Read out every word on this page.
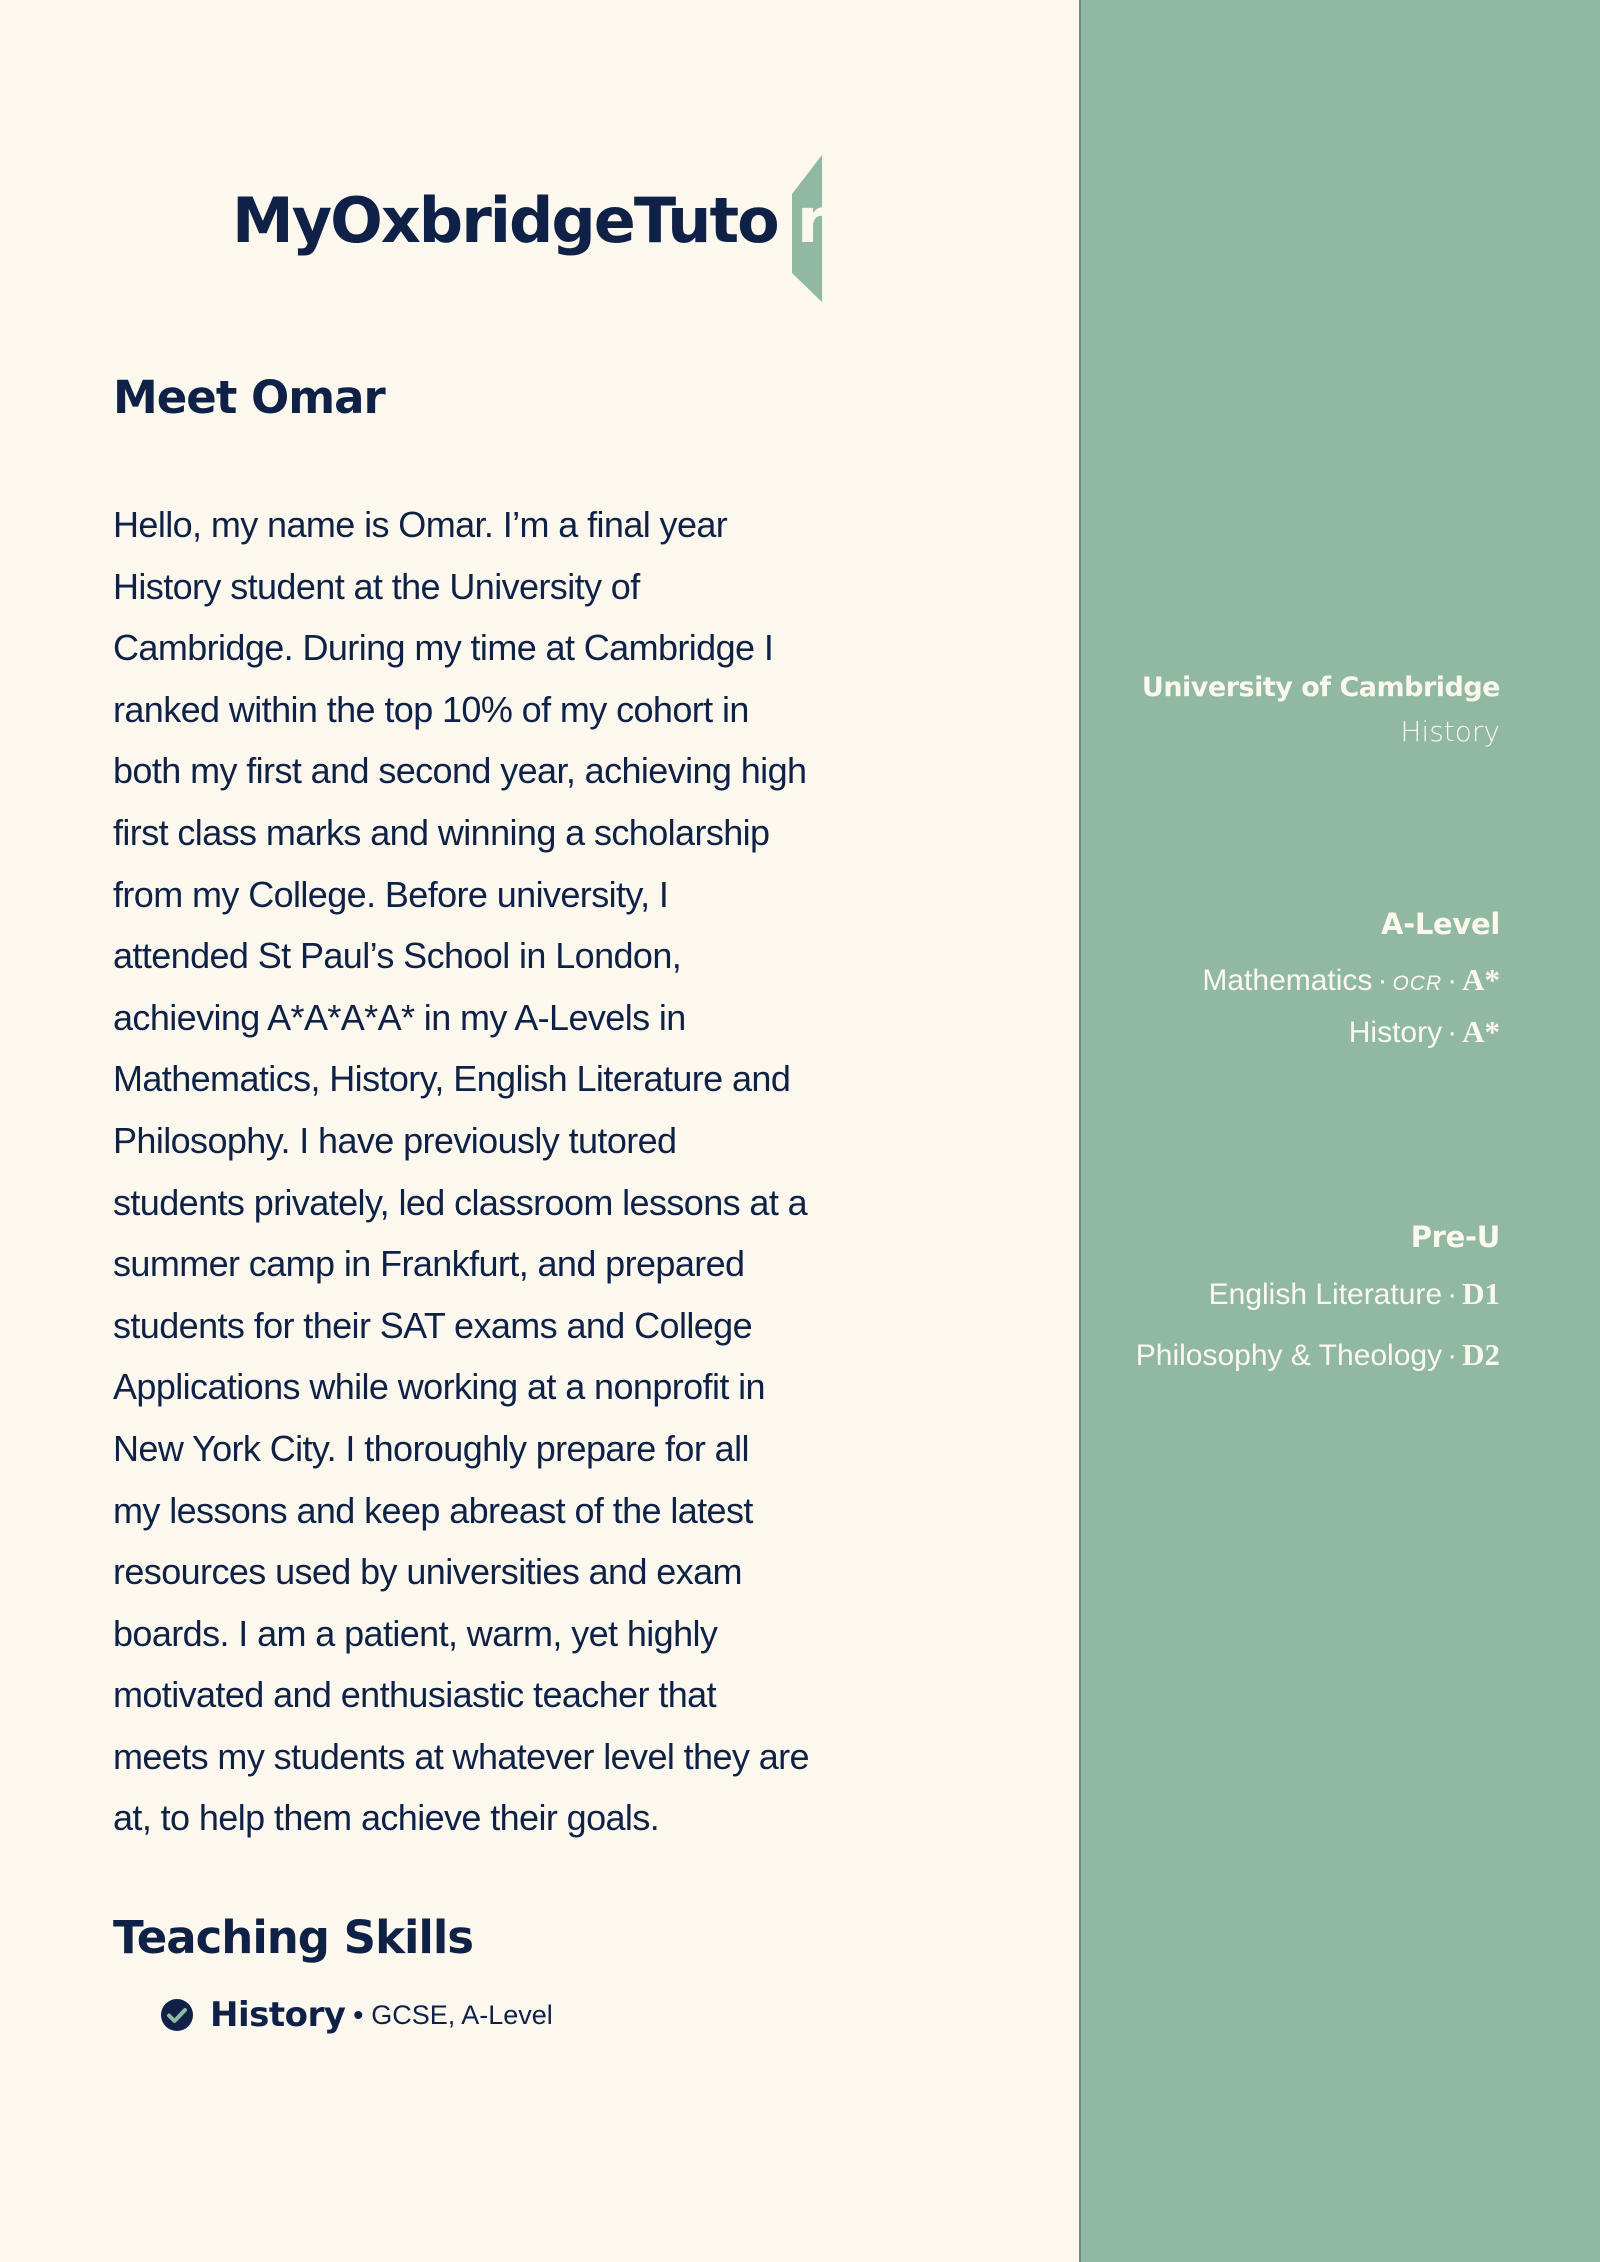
MyOxbridgeTuto r
Meet Omar
Hello, my name is Omar. I’m a final year
History student at the University of
Cambridge. During my time at Cambridge I
ranked within the top 10% of my cohort in
both my first and second year, achieving high
first class marks and winning a scholarship
from my College. Before university, I
attended St Paul’s School in London,
achieving A*A*A*A* in my A-Levels in
Mathematics, History, English Literature and
Philosophy. I have previously tutored
students privately, led classroom lessons at a
summer camp in Frankfurt, and prepared
students for their SAT exams and College
Applications while working at a nonprofit in
New York City. I thoroughly prepare for all
my lessons and keep abreast of the latest
resources used by universities and exam
boards. I am a patient, warm, yet highly
motivated and enthusiastic teacher that
meets my students at whatever level they are
at, to help them achieve their goals.
Teaching Skills
History • GCSE, A-Level
University of Cambridge
History
A-Level
Mathematics · OCR · A*
History · A*
Pre-U
English Literature · D1
Philosophy & Theology · D2
